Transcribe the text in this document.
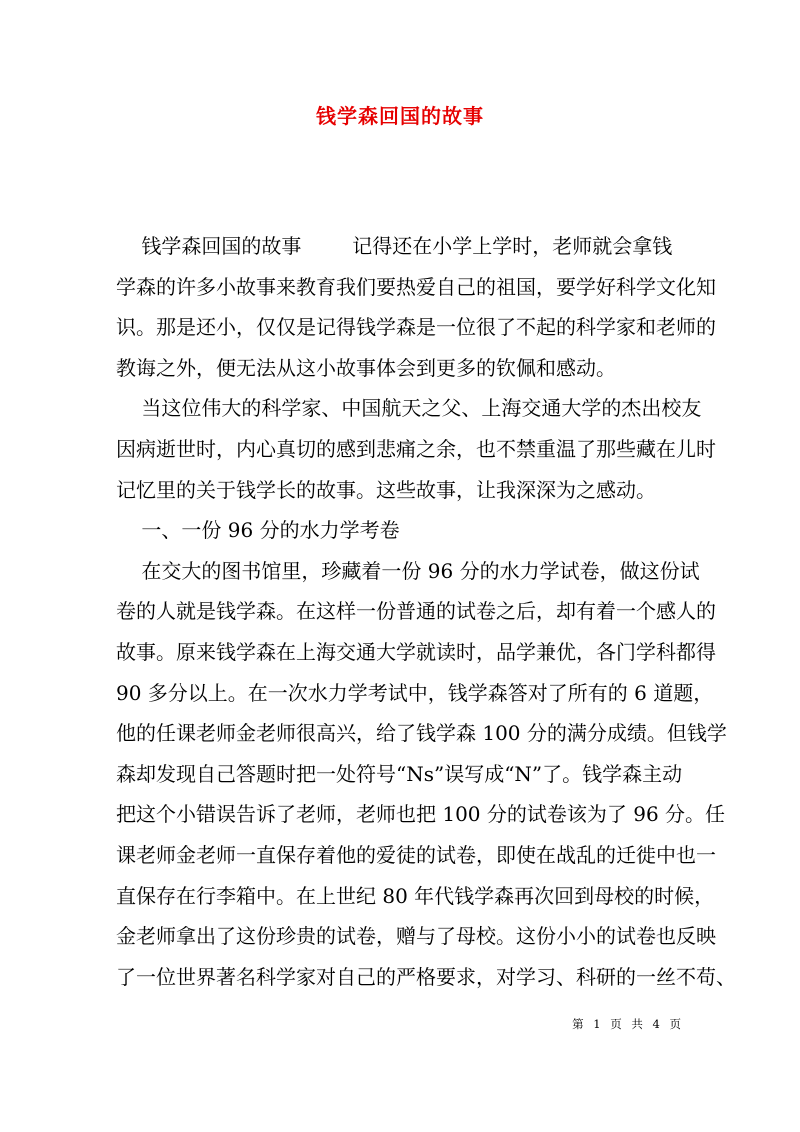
钱学森回国的故事
钱学森回国的故事        记得还在小学上学时，老师就会拿钱
学森的许多小故事来教育我们要热爱自己的祖国，要学好科学文化知
识。那是还小，仅仅是记得钱学森是一位很了不起的科学家和老师的
教诲之外，便无法从这小故事体会到更多的钦佩和感动。
当这位伟大的科学家、中国航天之父、上海交通大学的杰出校友
因病逝世时，内心真切的感到悲痛之余，也不禁重温了那些藏在儿时
记忆里的关于钱学长的故事。这些故事，让我深深为之感动。
一、一份 96 分的水力学考卷
在交大的图书馆里，珍藏着一份 96 分的水力学试卷，做这份试
卷的人就是钱学森。在这样一份普通的试卷之后，却有着一个感人的
故事。原来钱学森在上海交通大学就读时，品学兼优，各门学科都得
90 多分以上。在一次水力学考试中，钱学森答对了所有的 6 道题，
他的任课老师金老师很高兴，给了钱学森 100 分的满分成绩。但钱学
森却发现自己答题时把一处符号“Ns”误写成“N”了。钱学森主动
把这个小错误告诉了老师，老师也把 100 分的试卷该为了 96 分。任
课老师金老师一直保存着他的爱徒的试卷，即使在战乱的迁徙中也一
直保存在行李箱中。在上世纪 80 年代钱学森再次回到母校的时候，
金老师拿出了这份珍贵的试卷，赠与了母校。这份小小的试卷也反映
了一位世界著名科学家对自己的严格要求，对学习、科研的一丝不苟、
第 1 页 共 4 页
